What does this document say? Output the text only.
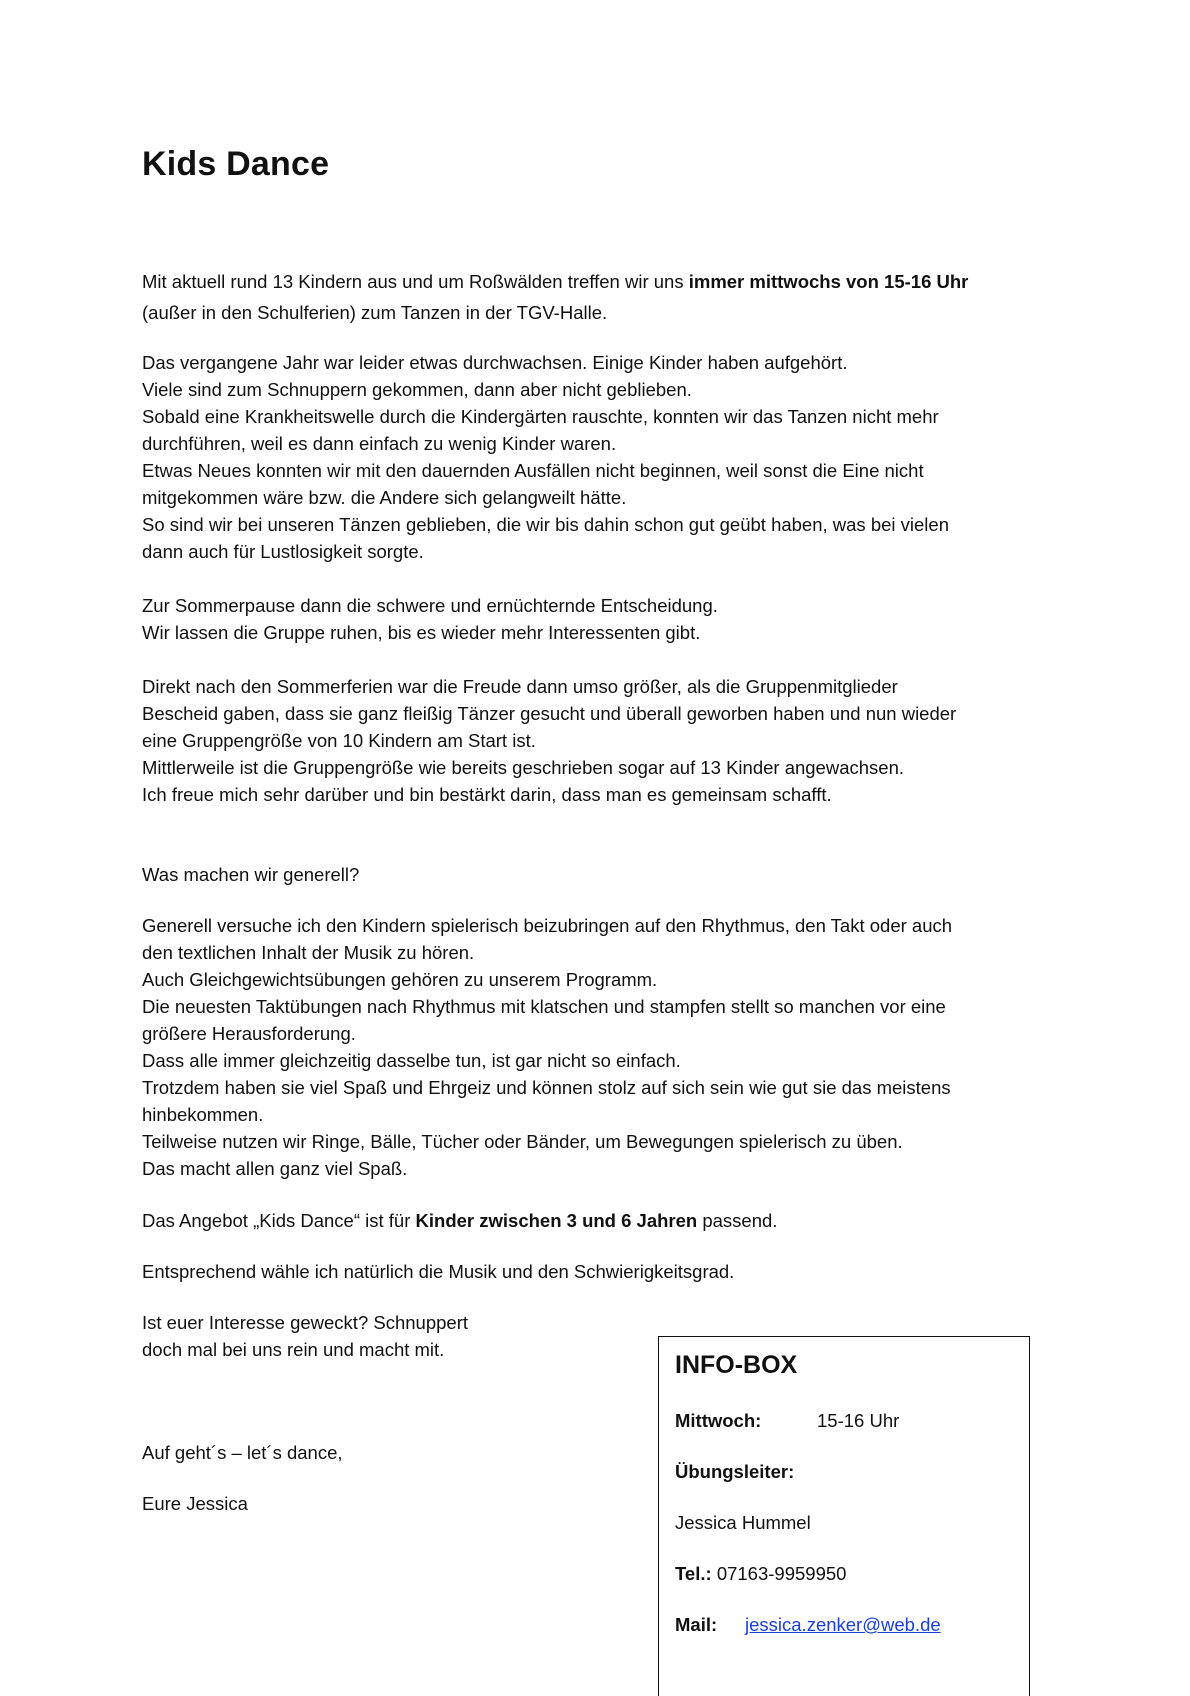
Kids Dance
Mit aktuell rund 13 Kindern aus und um Roßwälden treffen wir uns immer mittwochs von 15-16 Uhr
(außer in den Schulferien) zum Tanzen in der TGV-Halle.
Das vergangene Jahr war leider etwas durchwachsen. Einige Kinder haben aufgehört.
Viele sind zum Schnuppern gekommen, dann aber nicht geblieben.
Sobald eine Krankheitswelle durch die Kindergärten rauschte, konnten wir das Tanzen nicht mehr
durchführen, weil es dann einfach zu wenig Kinder waren.
Etwas Neues konnten wir mit den dauernden Ausfällen nicht beginnen, weil sonst die Eine nicht
mitgekommen wäre bzw. die Andere sich gelangweilt hätte.
So sind wir bei unseren Tänzen geblieben, die wir bis dahin schon gut geübt haben, was bei vielen
dann auch für Lustlosigkeit sorgte.
Zur Sommerpause dann die schwere und ernüchternde Entscheidung.
Wir lassen die Gruppe ruhen, bis es wieder mehr Interessenten gibt.
Direkt nach den Sommerferien war die Freude dann umso größer, als die Gruppenmitglieder
Bescheid gaben, dass sie ganz fleißig Tänzer gesucht und überall geworben haben und nun wieder
eine Gruppengröße von 10 Kindern am Start ist.
Mittlerweile ist die Gruppengröße wie bereits geschrieben sogar auf 13 Kinder angewachsen.
Ich freue mich sehr darüber und bin bestärkt darin, dass man es gemeinsam schafft.
Was machen wir generell?
Generell versuche ich den Kindern spielerisch beizubringen auf den Rhythmus, den Takt oder auch
den textlichen Inhalt der Musik zu hören.
Auch Gleichgewichtsübungen gehören zu unserem Programm.
Die neuesten Taktübungen nach Rhythmus mit klatschen und stampfen stellt so manchen vor eine
größere Herausforderung.
Dass alle immer gleichzeitig dasselbe tun, ist gar nicht so einfach.
Trotzdem haben sie viel Spaß und Ehrgeiz und können stolz auf sich sein wie gut sie das meistens
hinbekommen.
Teilweise nutzen wir Ringe, Bälle, Tücher oder Bänder, um Bewegungen spielerisch zu üben.
Das macht allen ganz viel Spaß.
Das Angebot „Kids Dance“ ist für Kinder zwischen 3 und 6 Jahren passend.
Entsprechend wähle ich natürlich die Musik und den Schwierigkeitsgrad.
Ist euer Interesse geweckt? Schnuppert
doch mal bei uns rein und macht mit.
Auf geht´s – let´s dance,
Eure Jessica
INFO-BOX
Mittwoch:	15-16 Uhr
Übungsleiter:
Jessica Hummel
Tel.: 07163-9959950
Mail: jessica.zenker@web.de
